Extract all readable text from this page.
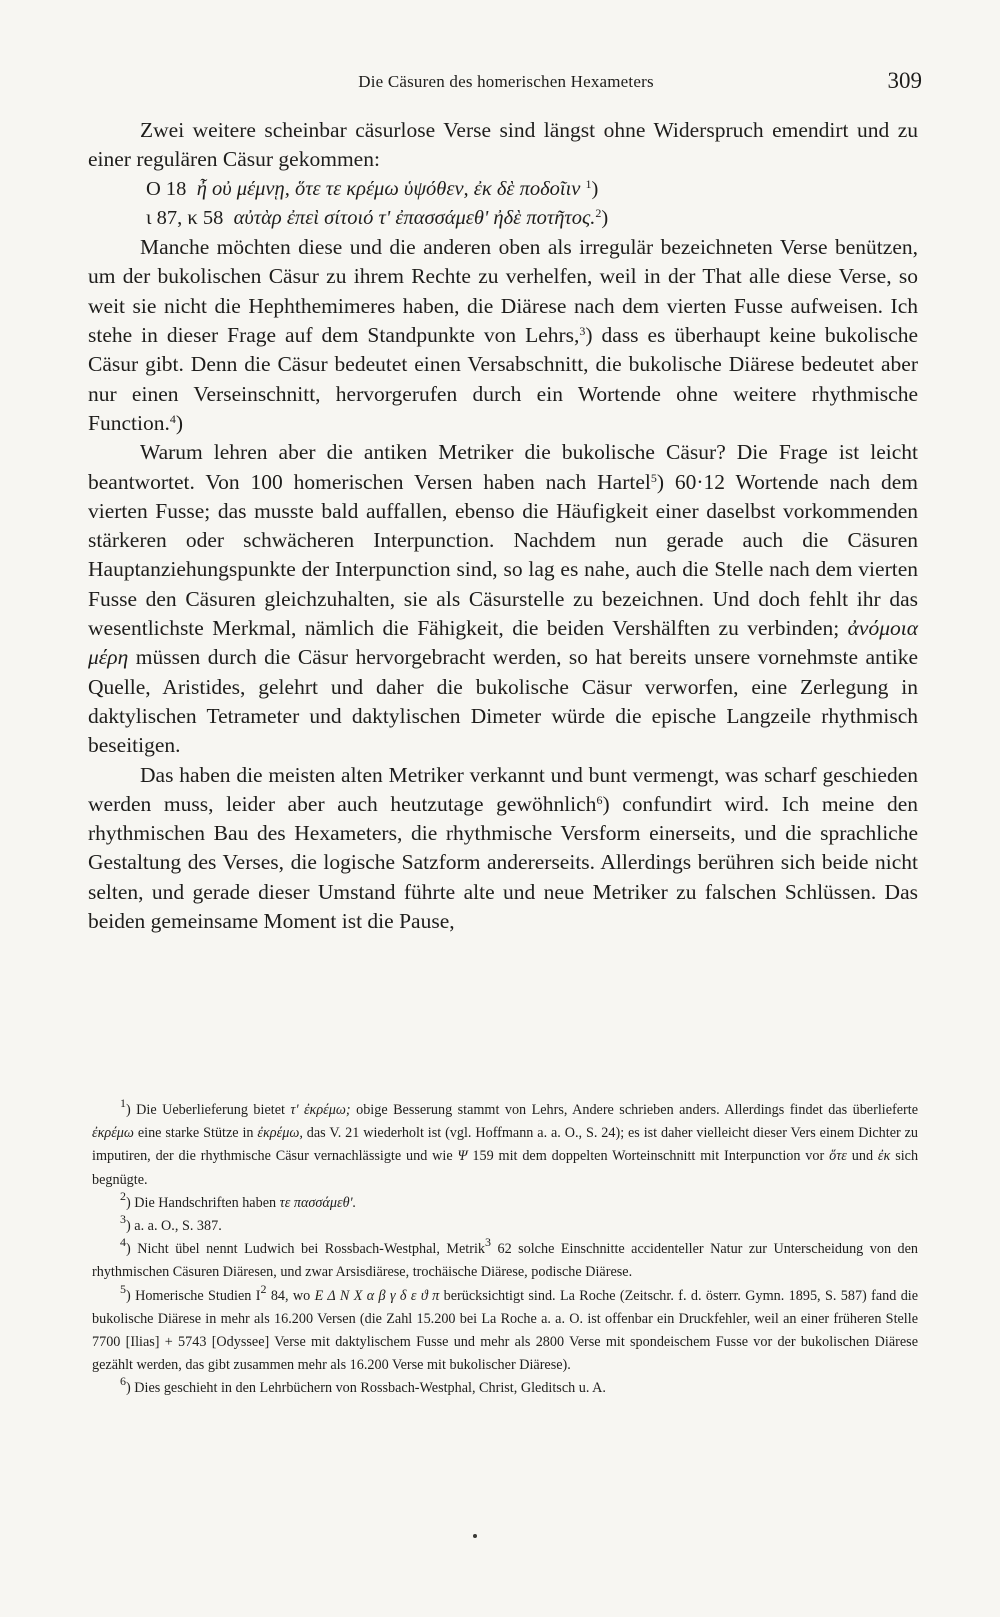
Die Cäsuren des homerischen Hexameters	309

Zwei weitere scheinbar cäsurlose Verse sind längst ohne Widerspruch emendirt und zu einer regulären Cäsur gekommen:

Ο 18 ἦ οὐ μέμνῃ, ὅτε τε κρέμω ὑψόθεν, ἐκ δὲ ποδοῖιν $^1$)

ι 87, κ 58 αὐτὰρ ἐπεὶ σίτοιό τ' ἐπασσάμεθ' ἠδὲ ποτῆτος.$^2$)

Manche möchten diese und die anderen oben als irregulär bezeichneten Verse benützen, um der bukolischen Cäsur zu ihrem Rechte zu verhelfen, weil in der That alle diese Verse, so weit sie nicht die Hephthemimeres haben, die Diärese nach dem vierten Fusse aufweisen. Ich stehe in dieser Frage auf dem Standpunkte von Lehrs,$^3$) dass es überhaupt keine bukolische Cäsur gibt. Denn die Cäsur bedeutet einen Versabschnitt, die bukolische Diärese bedeutet aber nur einen Verseinschnitt, hervorgerufen durch ein Wortende ohne weitere rhythmische Function.$^4$)

Warum lehren aber die antiken Metriker die bukolische Cäsur? Die Frage ist leicht beantwortet. Von 100 homerischen Versen haben nach Hartel$^5$) 60·12 Wortende nach dem vierten Fusse; das musste bald auffallen, ebenso die Häufigkeit einer daselbst vorkommenden stärkeren oder schwächeren Interpunction. Nachdem nun gerade auch die Cäsuren Hauptanziehungspunkte der Interpunction sind, so lag es nahe, auch die Stelle nach dem vierten Fusse den Cäsuren gleichzuhalten, sie als Cäsurstelle zu bezeichnen. Und doch fehlt ihr das wesentlichste Merkmal, nämlich die Fähigkeit, die beiden Vershälften zu verbinden; ἀνόμοια μέρη müssen durch die Cäsur hervorgebracht werden, so hat bereits unsere vornehmste antike Quelle, Aristides, gelehrt und daher die bukolische Cäsur verworfen, eine Zerlegung in daktylischen Tetrameter und daktylischen Dimeter würde die epische Langzeile rhythmisch beseitigen.

Das haben die meisten alten Metriker verkannt und bunt vermengt, was scharf geschieden werden muss, leider aber auch heutzutage gewöhnlich$^6$) confundirt wird. Ich meine den rhythmischen Bau des Hexameters, die rhythmische Versform einerseits, und die sprachliche Gestaltung des Verses, die logische Satzform andererseits. Allerdings berühren sich beide nicht selten, und gerade dieser Umstand führte alte und neue Metriker zu falschen Schlüssen. Das beiden gemeinsame Moment ist die Pause,

$^1$) Die Ueberlieferung bietet τ' ἐκρέμω; obige Besserung stammt von Lehrs, Andere schrieben anders. Allerdings findet das überlieferte ἐκρέμω eine starke Stütze in ἐκρέμω, das V. 21 wiederholt ist (vgl. Hoffmann a. a. O., S. 24); es ist daher vielleicht dieser Vers einem Dichter zu imputiren, der die rhythmische Cäsur vernachlässigte und wie Ψ 159 mit dem doppelten Worteinschnitt mit Interpunction vor ὅτε und ἐκ sich begnügte.

$^2$) Die Handschriften haben τε πασσάμεθ'.

$^3$) a. a. O., S. 387.

$^4$) Nicht übel nennt Ludwich bei Rossbach-Westphal, Metrik$^3$ 62 solche Einschnitte accidenteller Natur zur Unterscheidung von den rhythmischen Cäsuren Diäresen, und zwar Arsisdiärese, trochäische Diärese, podische Diärese.

$^5$) Homerische Studien $I^2$ 84, wo Ε Δ Ν Χ α β γ δ ε ϑ π berücksichtigt sind. La Roche (Zeitschr. f. d. österr. Gymn. 1895, S. 587) fand die bukolische Diärese in mehr als 16.200 Versen (die Zahl 15.200 bei La Roche a. a. O. ist offenbar ein Druckfehler, weil an einer früheren Stelle 7700 [Ilias] + 5743 [Odyssee] Verse mit daktylischem Fusse und mehr als 2800 Verse mit spondeischem Fusse vor der bukolischen Diärese gezählt werden, das gibt zusammen mehr als 16.200 Verse mit bukolischer Diärese).

$^6$) Dies geschieht in den Lehrbüchern von Rossbach-Westphal, Christ, Gleditsch u. A.
